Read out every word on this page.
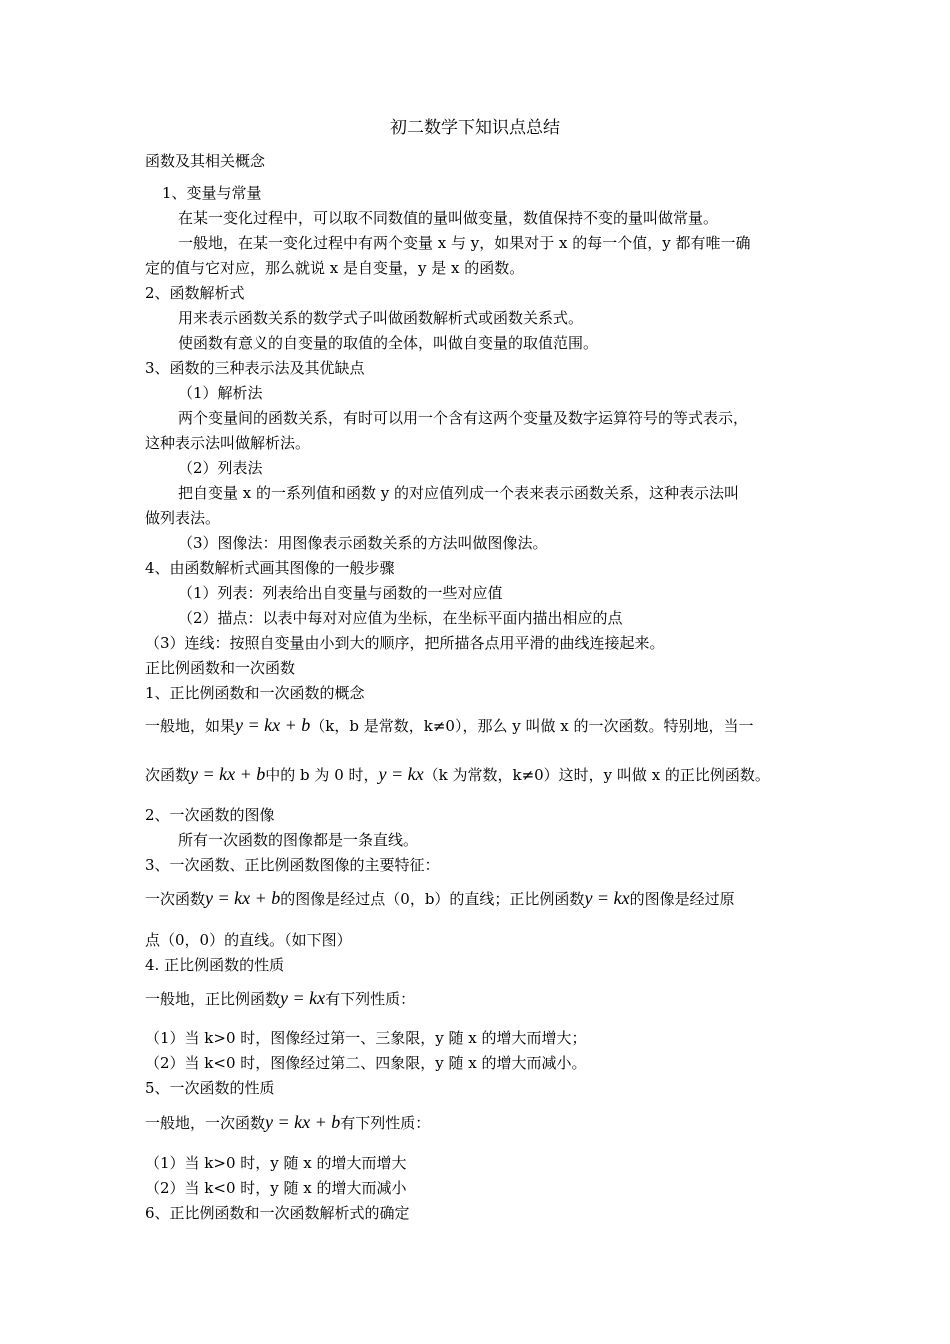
初二数学下知识点总结
函数及其相关概念
1、变量与常量
在某一变化过程中，可以取不同数值的量叫做变量，数值保持不变的量叫做常量。
一般地，在某一变化过程中有两个变量 x 与 y，如果对于 x 的每一个值，y 都有唯一确
定的值与它对应，那么就说 x 是自变量，y 是 x 的函数。
2、函数解析式
用来表示函数关系的数学式子叫做函数解析式或函数关系式。
使函数有意义的自变量的取值的全体，叫做自变量的取值范围。
3、函数的三种表示法及其优缺点
（1）解析法
两个变量间的函数关系，有时可以用一个含有这两个变量及数字运算符号的等式表示，
这种表示法叫做解析法。
（2）列表法
把自变量 x 的一系列值和函数 y 的对应值列成一个表来表示函数关系，这种表示法叫
做列表法。
（3）图像法：用图像表示函数关系的方法叫做图像法。
4、由函数解析式画其图像的一般步骤
（1）列表：列表给出自变量与函数的一些对应值
（2）描点：以表中每对对应值为坐标，在坐标平面内描出相应的点
（3）连线：按照自变量由小到大的顺序，把所描各点用平滑的曲线连接起来。
正比例函数和一次函数
1、正比例函数和一次函数的概念
一般地，如果y = kx + b（k，b 是常数，k≠0），那么 y 叫做 x 的一次函数。特别地，当一
次函数y = kx + b中的 b 为 0 时，y = kx（k 为常数，k≠0）这时，y 叫做 x 的正比例函数。
2、一次函数的图像
所有一次函数的图像都是一条直线。
3、一次函数、正比例函数图像的主要特征：
一次函数y = kx + b的图像是经过点（0，b）的直线；正比例函数y = kx的图像是经过原
点（0，0）的直线。（如下图）
4. 正比例函数的性质
一般地，正比例函数y = kx有下列性质：
（1）当 k>0 时，图像经过第一、三象限，y 随 x 的增大而增大；
（2）当 k<0 时，图像经过第二、四象限，y 随 x 的增大而减小。
5、一次函数的性质
一般地，一次函数y = kx + b有下列性质：
（1）当 k>0 时，y 随 x 的增大而增大
（2）当 k<0 时，y 随 x 的增大而减小
6、正比例函数和一次函数解析式的确定
